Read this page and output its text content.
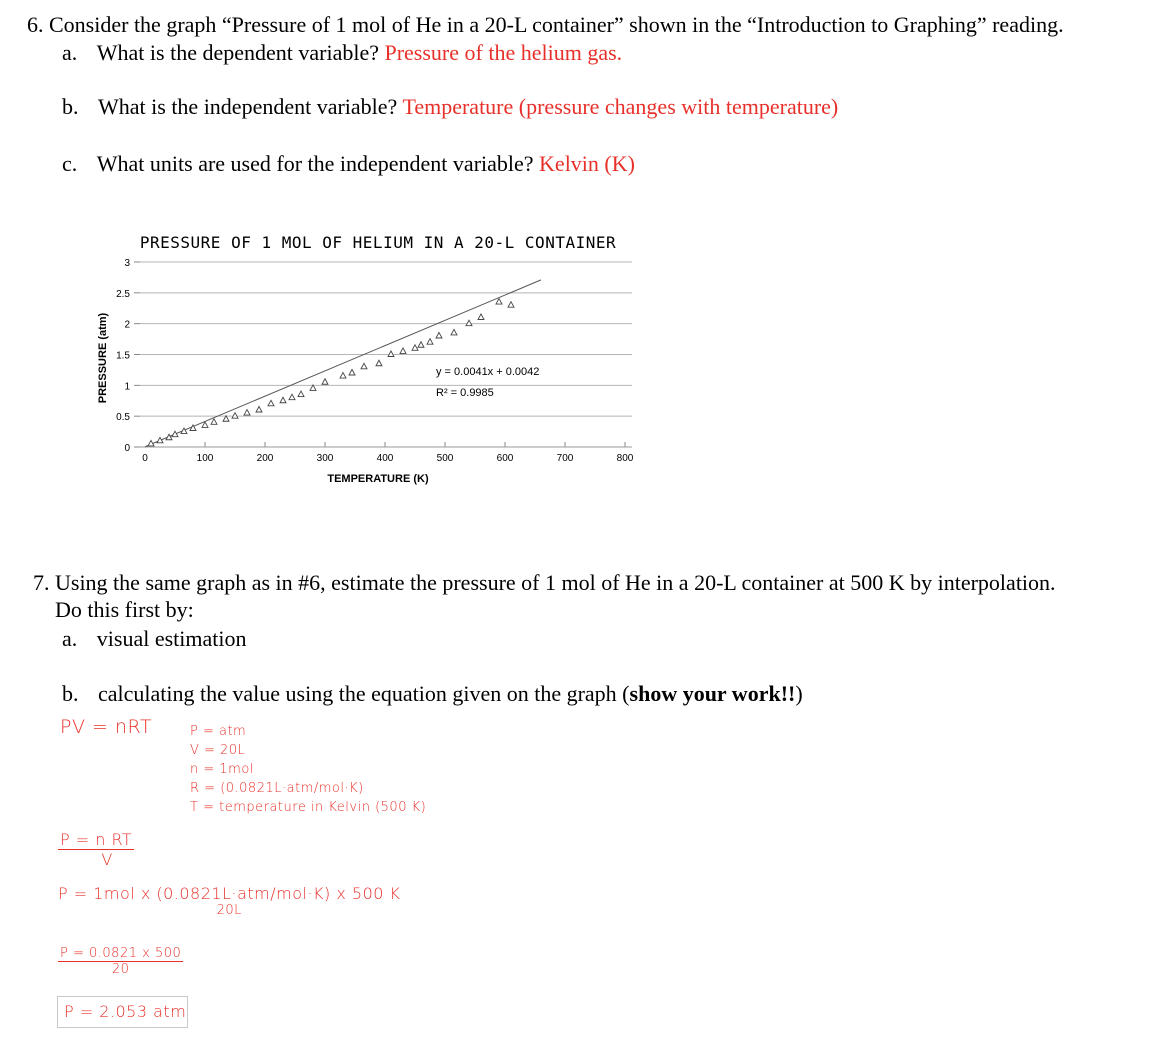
6. Consider the graph “Pressure of 1 mol of He in a 20-L container” shown in the “Introduction to Graphing” reading.
a. What is the dependent variable? Pressure of the helium gas.
b. What is the independent variable? Temperature (pressure changes with temperature)
c. What units are used for the independent variable? Kelvin (K)
0
0.5
1
1.5
2
2.5
3
0	100	200	300	400	500	600	700	800
PRESSURE OF 1 MOL OF HELIUM IN A 20-L CONTAINER
TEMPERATURE (K)
PRESSURE (atm)	y = 0.0041x + 0.0042
R² = 0.9985
7. Using the same graph as in #6, estimate the pressure of 1 mol of He in a 20-L container at 500 K by interpolation.
Do this first by:
a. visual estimation
b. calculating the value using the equation given on the graph (show your work!!)
PV = nRT	P = atm
V = 20L
n = 1mol
R = (0.0821L·atm/mol·K)
T = temperature in Kelvin (500 K)
$\frac{\text{P = n RT}}{V}$
P = 1mol x (0.0821L·atm/mol·K) x 500 K
20L
$\frac{P = 0.0821 x 500}{20}$
P = 2.053 atm
